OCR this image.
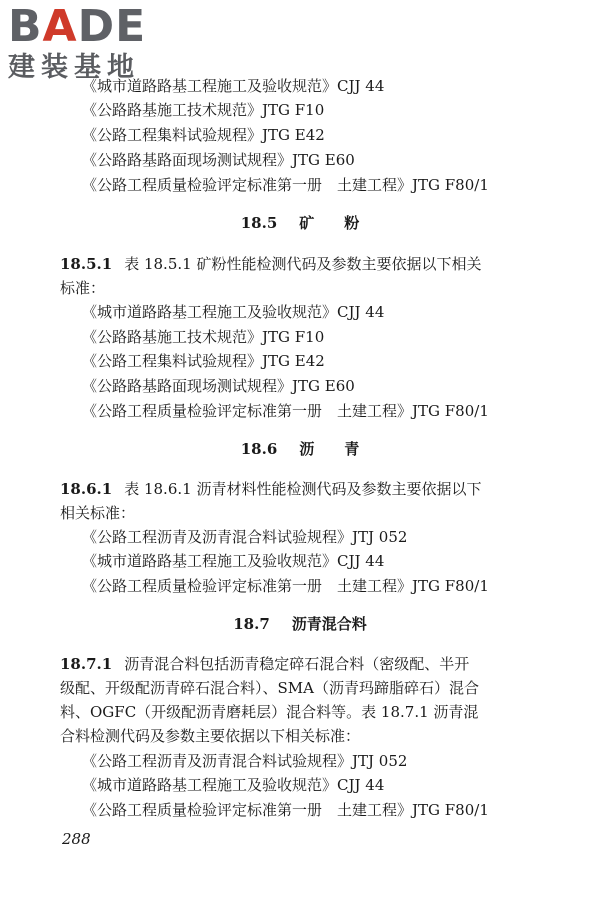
BADE
建装基地
《城市道路路基工程施工及验收规范》CJJ 44
《公路路基施工技术规范》JTG F10
《公路工程集料试验规程》JTG E42
《公路路基路面现场测试规程》JTG E60
《公路工程质量检验评定标准第一册　土建工程》JTG F80/1
18.5 矿　　粉
18.5.1 表 18.5.1 矿粉性能检测代码及参数主要依据以下相关
标准：
《城市道路路基工程施工及验收规范》CJJ 44
《公路路基施工技术规范》JTG F10
《公路工程集料试验规程》JTG E42
《公路路基路面现场测试规程》JTG E60
《公路工程质量检验评定标准第一册　土建工程》JTG F80/1
18.6 沥　　青
18.6.1 表 18.6.1 沥青材料性能检测代码及参数主要依据以下
相关标准：
《公路工程沥青及沥青混合料试验规程》JTJ 052
《城市道路路基工程施工及验收规范》CJJ 44
《公路工程质量检验评定标准第一册　土建工程》JTG F80/1
18.7 沥青混合料
18.7.1 沥青混合料包括沥青稳定碎石混合料（密级配、半开
级配、开级配沥青碎石混合料）、SMA（沥青玛蹄脂碎石）混合
料、OGFC（开级配沥青磨耗层）混合料等。表 18.7.1 沥青混
合料检测代码及参数主要依据以下相关标准：
《公路工程沥青及沥青混合料试验规程》JTJ 052
《城市道路路基工程施工及验收规范》CJJ 44
《公路工程质量检验评定标准第一册　土建工程》JTG F80/1
288
